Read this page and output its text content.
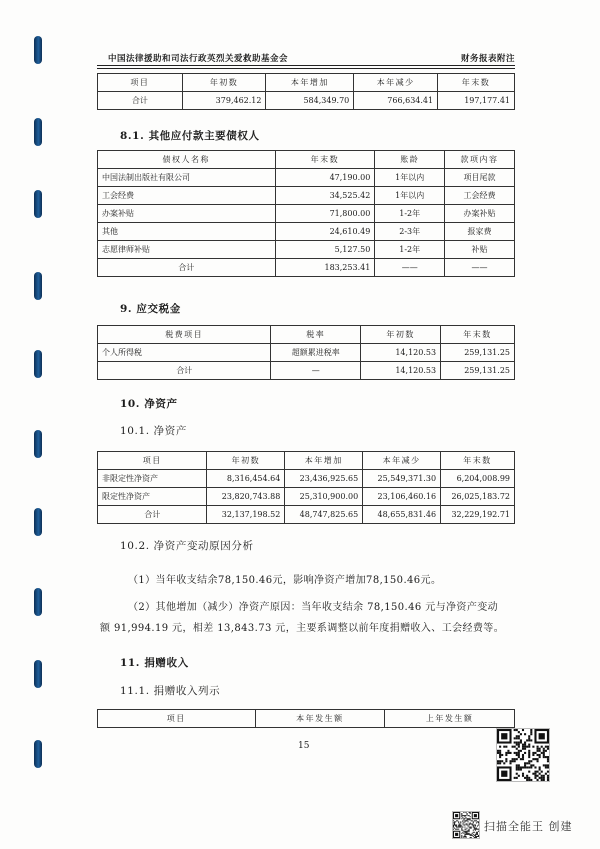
中国法律援助和司法行政英烈关爱救助基金会	财务报表附注
项目	年初数	本年增加	本年减少	年末数
合计	379,462.12	584,349.70	766,634.41	197,177.41
8.1. 其他应付款主要债权人
债权人名称	年末数	账龄	款项内容
中国法制出版社有限公司	47,190.00	1年以内	项目尾款
工会经费	34,525.42	1年以内	工会经费
办案补贴	71,800.00	1-2年	办案补贴
其他	24,610.49	2-3年	报家费
志愿律师补贴	5,127.50	1-2年	补贴
合计	183,253.41	——	——
9. 应交税金
税费项目	税率	年初数	年末数
个人所得税	超额累进税率	14,120.53	259,131.25
合计	—	14,120.53	259,131.25
10. 净资产
10.1. 净资产
项目	年初数	本年增加	本年减少	年末数
非限定性净资产	8,316,454.64	23,436,925.65	25,549,371.30	6,204,008.99
限定性净资产	23,820,743.88	25,310,900.00	23,106,460.16	26,025,183.72
合计	32,137,198.52	48,747,825.65	48,655,831.46	32,229,192.71
10.2. 净资产变动原因分析
（1）当年收支结余78,150.46元，影响净资产增加78,150.46元。
（2）其他增加（减少）净资产原因：当年收支结余 78,150.46 元与净资产变动
额 91,994.19 元，相差 13,843.73 元，主要系调整以前年度捐赠收入、工会经费等。
11. 捐赠收入
11.1. 捐赠收入列示
项目	本年发生额	上年发生额
15
扫描全能王 创建
